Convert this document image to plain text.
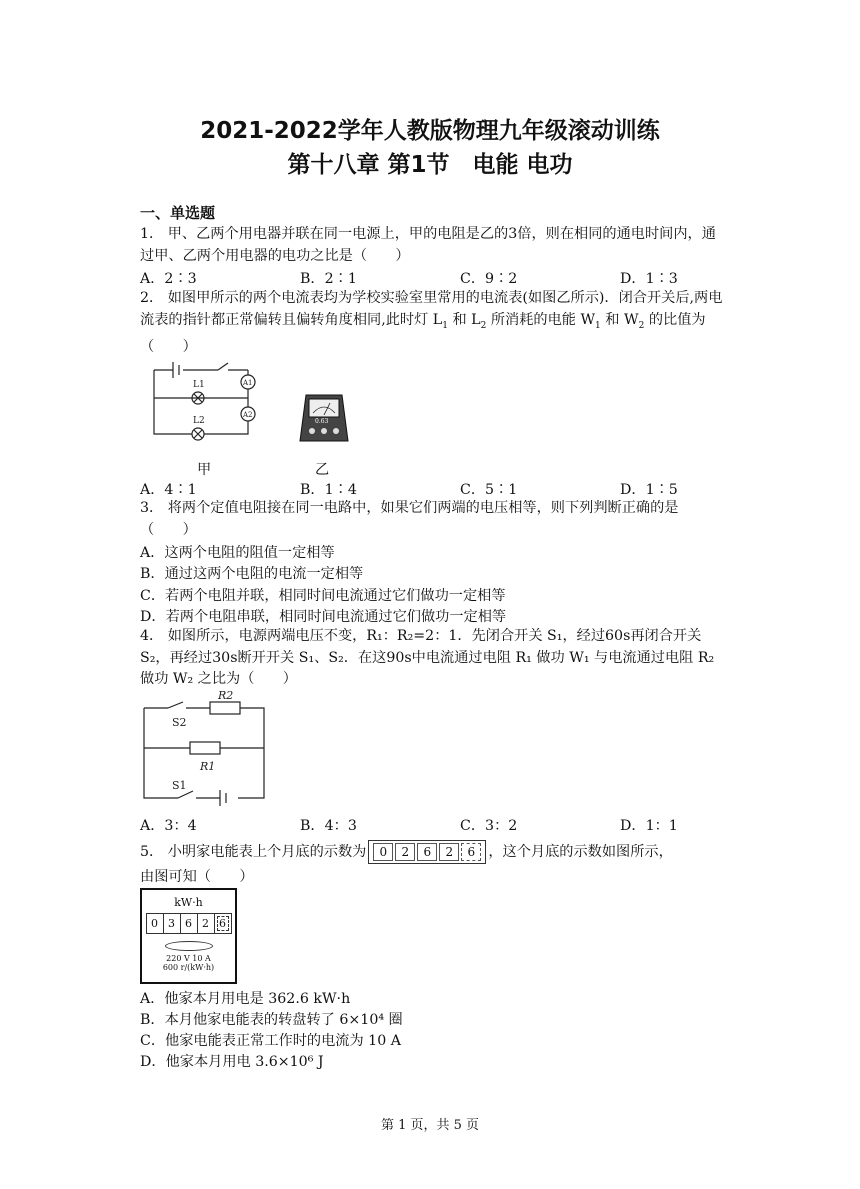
2021-2022学年人教版物理九年级滚动训练
第十八章 第1节　电能 电功
一、单选题
1． 甲、乙两个用电器并联在同一电源上，甲的电阻是乙的3倍，则在相同的通电时间内，通过甲、乙两个用电器的电功之比是（　　）
A．2∶3	B．2∶1	C．9∶2	D．1∶3
2． 如图甲所示的两个电流表均为学校实验室里常用的电流表(如图乙所示)．闭合开关后,两电流表的指针都正常偏转且偏转角度相同,此时灯 $L_1$ 和 $L_2$ 所消耗的电能 $W_1$ 和 $W_2$ 的比值为（　　）
L1
L2
A1
A2
0.63
甲	乙
A．4∶1	B．1∶4	C．5∶1	D．1∶5
3． 将两个定值电阻接在同一电路中，如果它们两端的电压相等，则下列判断正确的是（　　）
A．这两个电阻的阻值一定相等
B．通过这两个电阻的电流一定相等
C．若两个电阻并联，相同时间电流通过它们做功一定相等
D．若两个电阻串联，相同时间电流通过它们做功一定相等
4． 如图所示，电源两端电压不变，R₁：R₂=2：1．先闭合开关 S₁，经过60s再闭合开关 S₂，再经过30s断开开关 S₁、S₂．在这90s中电流通过电阻 R₁ 做功 W₁ 与电流通过电阻 R₂ 做功 W₂ 之比为（　　）
R2
S2
R1
S1
A．3：4	B．4：3	C．3：2	D．1：1
5． 小明家电能表上个月底的示数为 0 2 6 2 6 ，这个月底的示数如图所示，
由图可知（　　）
kW·h
0 3 6 2 6
220 V 10 A
600 r/(kW·h)
A．他家本月用电是 362.6 kW·h
B．本月他家电能表的转盘转了 6×10⁴ 圈
C．他家电能表正常工作时的电流为 10 A
D．他家本月用电 3.6×10⁶ J
第 1 页，共 5 页
